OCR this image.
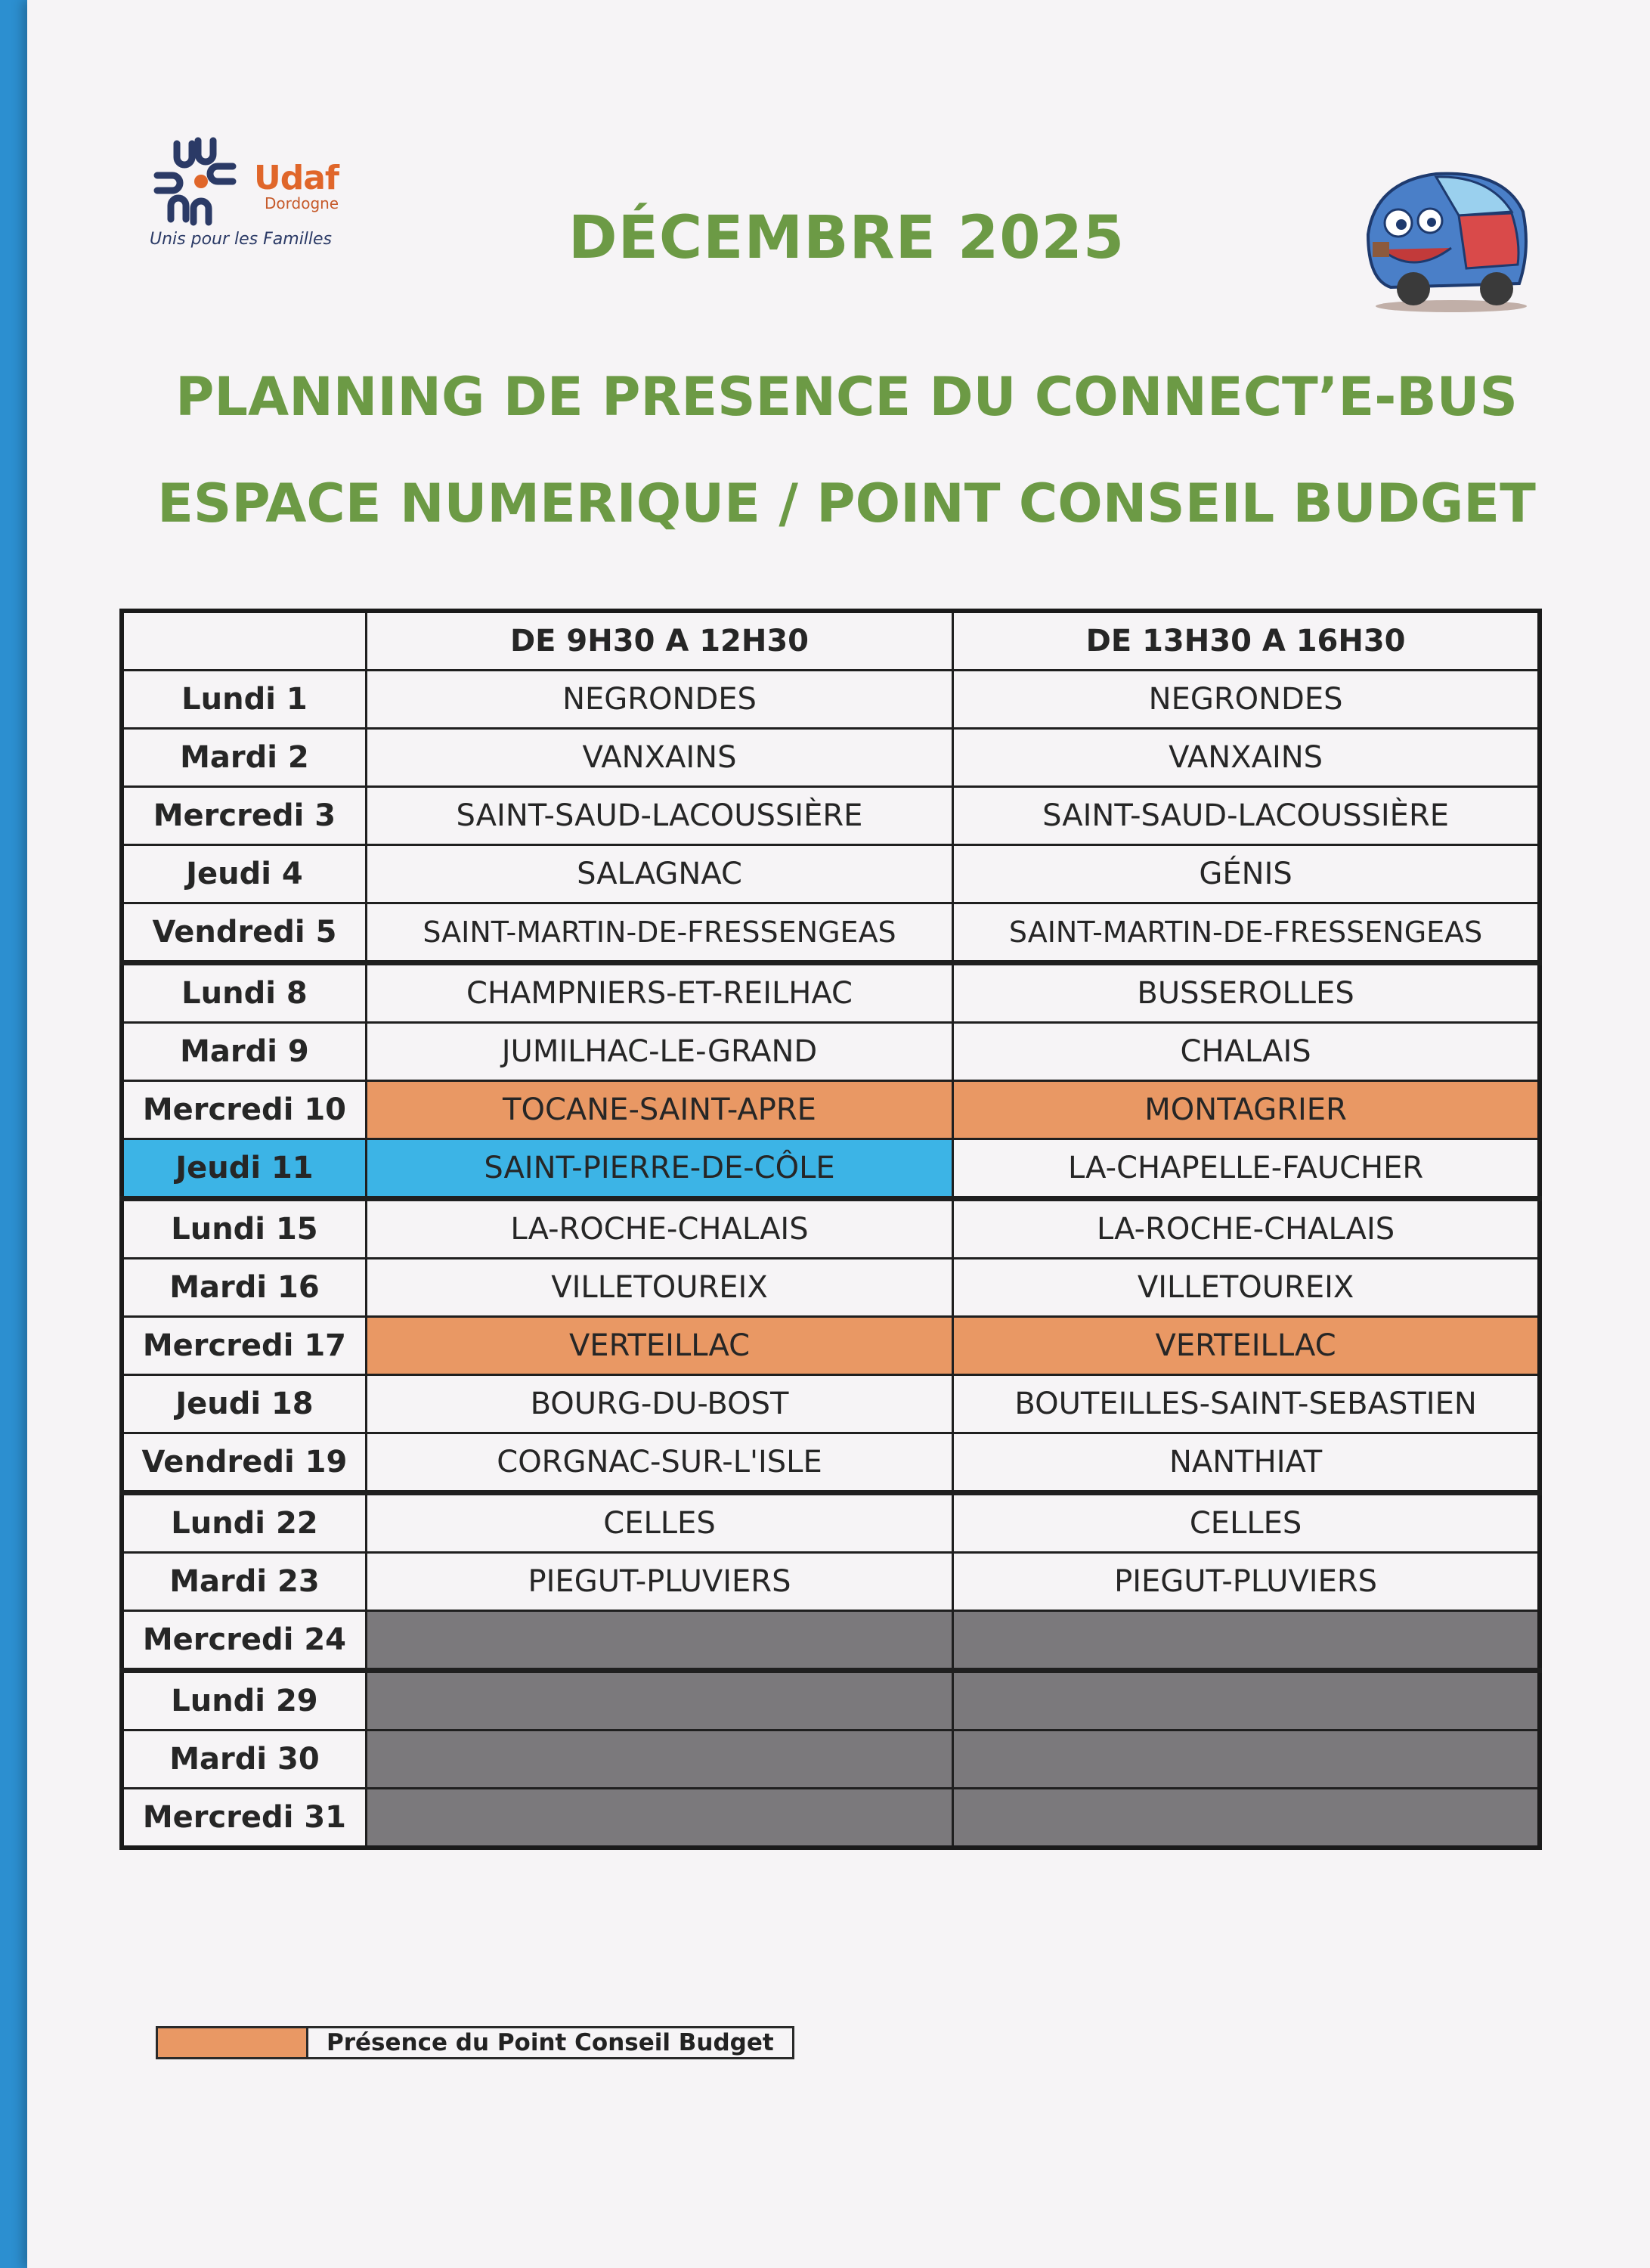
Udaf
Dordogne
Unis pour les Familles	DÉCEMBRE 2025
PLANNING DE PRESENCE DU CONNECT’E-BUS
ESPACE NUMERIQUE / POINT CONSEIL BUDGET
	DE 9H30 A 12H30	DE 13H30 A 16H30
Lundi 1	NEGRONDES	NEGRONDES
Mardi 2	VANXAINS	VANXAINS
Mercredi 3	SAINT-SAUD-LACOUSSIÈRE	SAINT-SAUD-LACOUSSIÈRE
Jeudi 4	SALAGNAC	GÉNIS
Vendredi 5	SAINT-MARTIN-DE-FRESSENGEAS	SAINT-MARTIN-DE-FRESSENGEAS
Lundi 8	CHAMPNIERS-ET-REILHAC	BUSSEROLLES
Mardi 9	JUMILHAC-LE-GRAND	CHALAIS
Mercredi 10	TOCANE-SAINT-APRE	MONTAGRIER
Jeudi 11	SAINT-PIERRE-DE-CÔLE	LA-CHAPELLE-FAUCHER
Lundi 15	LA-ROCHE-CHALAIS	LA-ROCHE-CHALAIS
Mardi 16	VILLETOUREIX	VILLETOUREIX
Mercredi 17	VERTEILLAC	VERTEILLAC
Jeudi 18	BOURG-DU-BOST	BOUTEILLES-SAINT-SEBASTIEN
Vendredi 19	CORGNAC-SUR-L'ISLE	NANTHIAT
Lundi 22	CELLES	CELLES
Mardi 23	PIEGUT-PLUVIERS	PIEGUT-PLUVIERS
Mercredi 24		
Lundi 29		
Mardi 30		
Mercredi 31		
Présence du Point Conseil Budget
